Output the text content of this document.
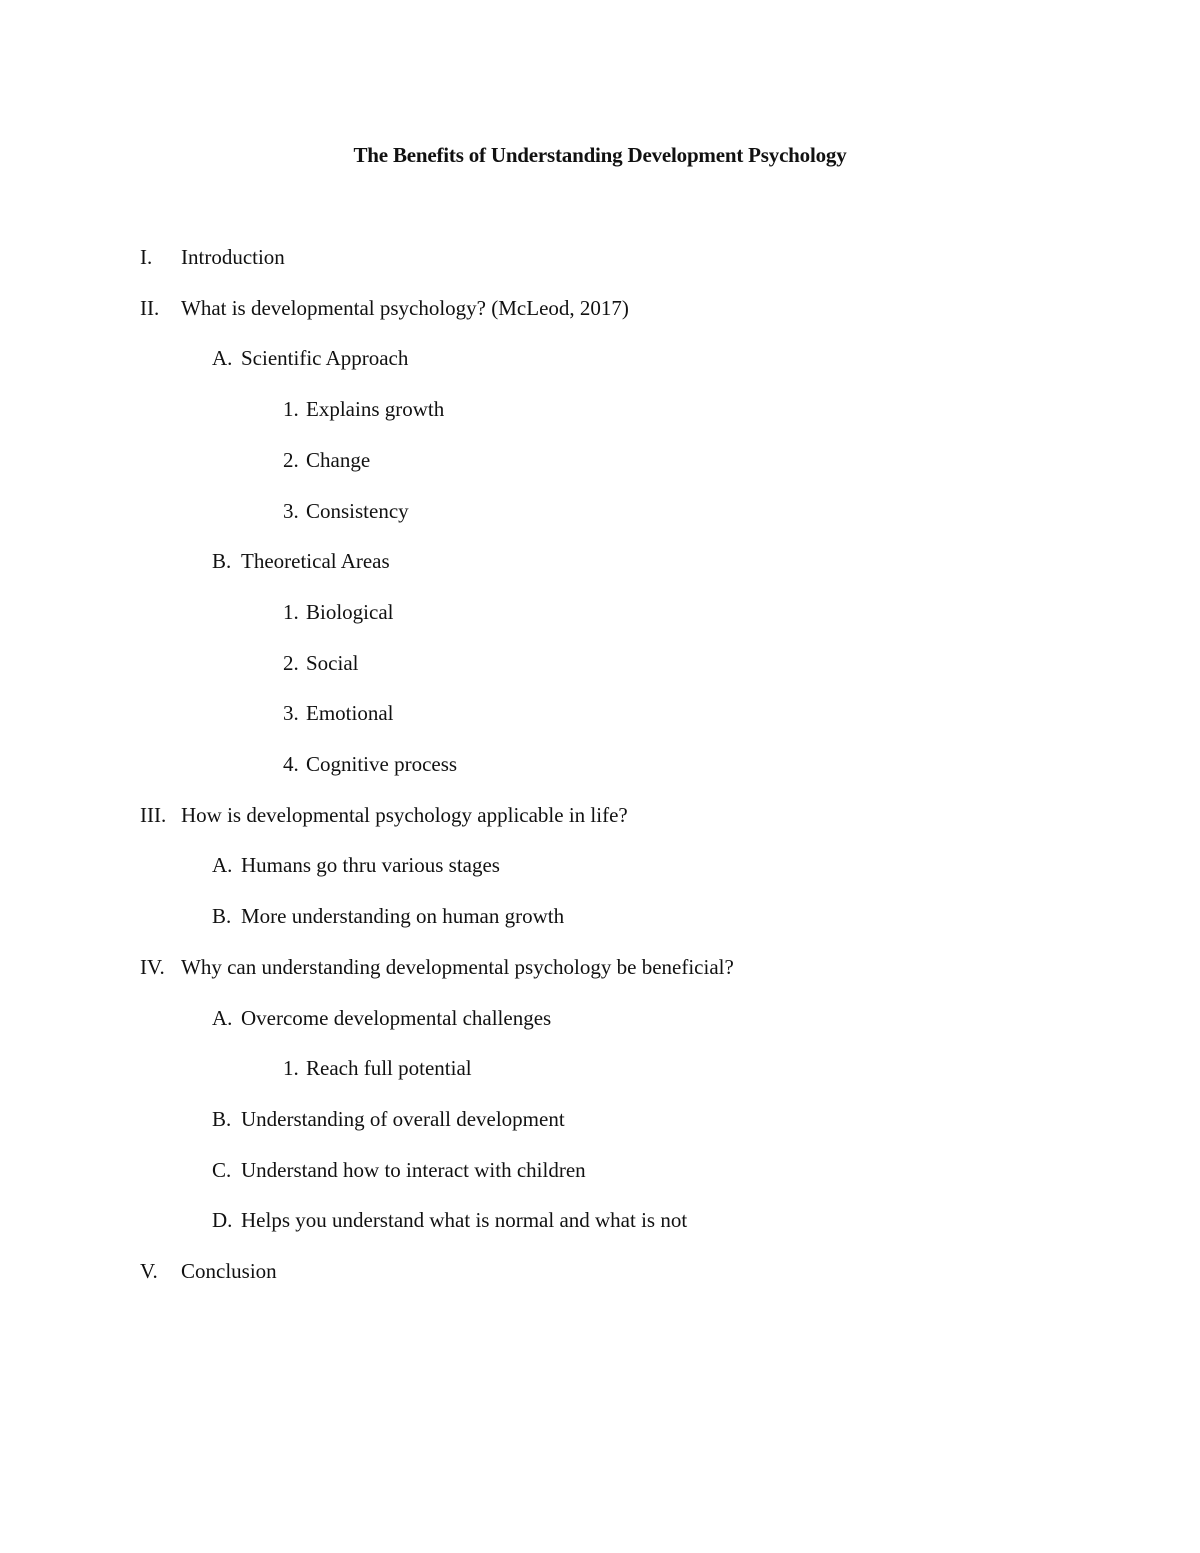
The Benefits of Understanding Development Psychology
I. Introduction
II. What is developmental psychology? (McLeod, 2017)
A. Scientific Approach
1. Explains growth
2. Change
3. Consistency
B. Theoretical Areas
1. Biological
2. Social
3. Emotional
4. Cognitive process
III. How is developmental psychology applicable in life?
A. Humans go thru various stages
B. More understanding on human growth
IV. Why can understanding developmental psychology be beneficial?
A. Overcome developmental challenges
1. Reach full potential
B. Understanding of overall development
C. Understand how to interact with children
D. Helps you understand what is normal and what is not
V. Conclusion
